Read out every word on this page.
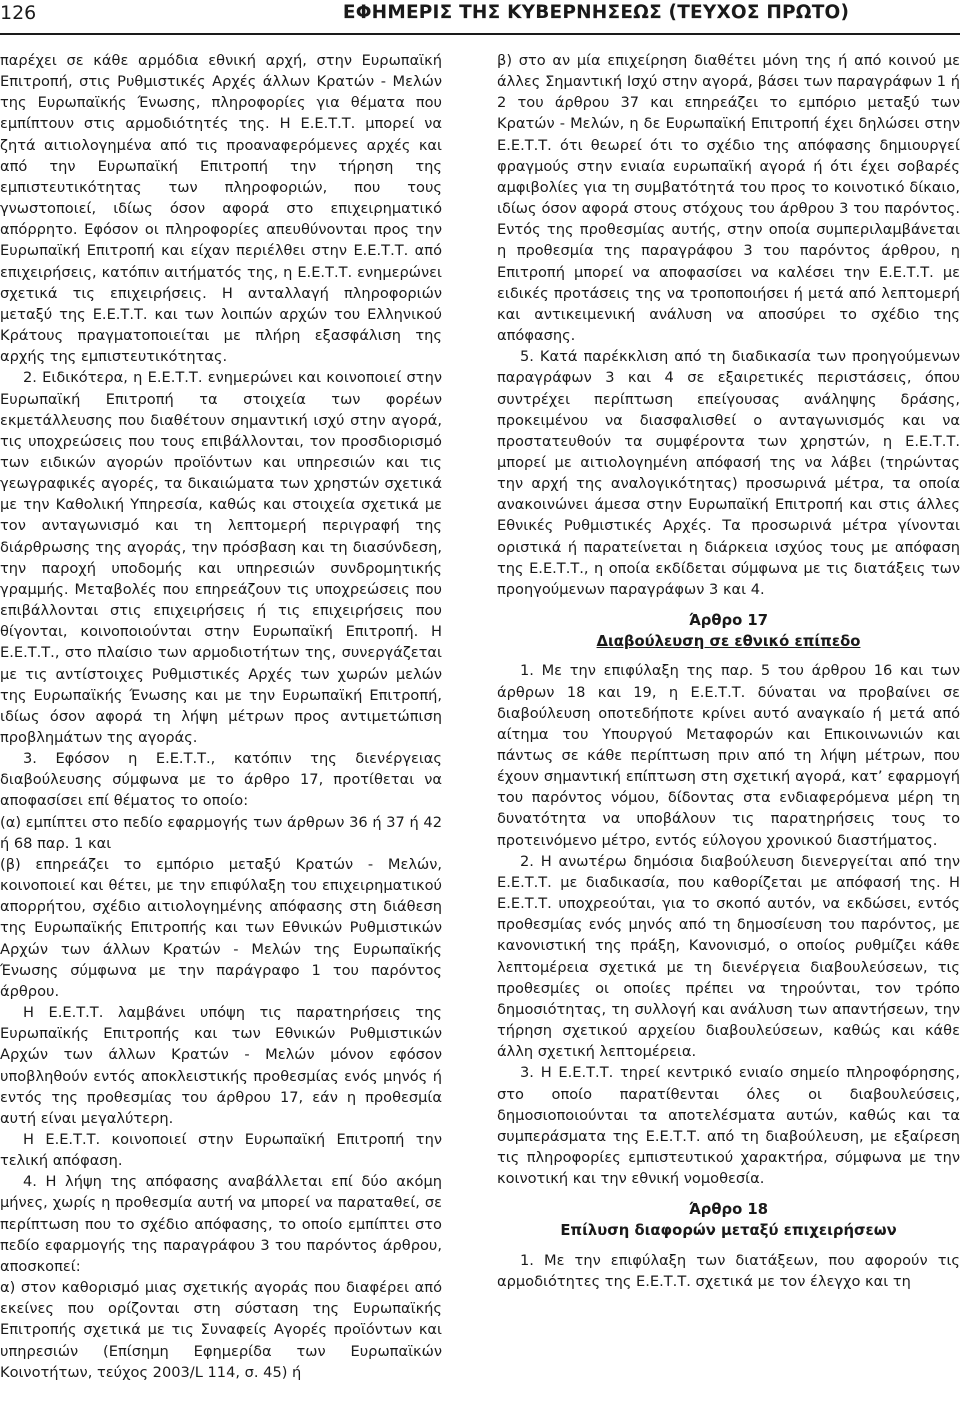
126	ΕΦΗΜΕΡΙΣ ΤΗΣ ΚΥΒΕΡΝΗΣΕΩΣ (ΤΕΥΧΟΣ ΠΡΩΤΟ)

παρέχει σε κάθε αρμόδια εθνική αρχή, στην Ευρωπαϊκή Επιτροπή, στις Ρυθμιστικές Αρχές άλλων Κρατών - Μελών της Ευρωπαϊκής Ένωσης, πληροφορίες για θέματα που εμπίπτουν στις αρμοδιότητές της. Η Ε.Ε.Τ.Τ. μπορεί να ζητά αιτιολογημένα από τις προαναφερόμενες αρχές και από την Ευρωπαϊκή Επιτροπή την τήρηση της εμπιστευτικότητας των πληροφοριών, που τους γνωστοποιεί, ιδίως όσον αφορά στο επιχειρηματικό απόρρητο. Εφόσον οι πληροφορίες απευθύνονται προς την Ευρωπαϊκή Επιτροπή και είχαν περιέλθει στην Ε.Ε.Τ.Τ. από επιχειρήσεις, κατόπιν αιτήματός της, η Ε.Ε.Τ.Τ. ενημερώνει σχετικά τις επιχειρήσεις. Η ανταλλαγή πληροφοριών μεταξύ της Ε.Ε.Τ.Τ. και των λοιπών αρχών του Ελληνικού Κράτους πραγματοποιείται με πλήρη εξασφάλιση της αρχής της εμπιστευτικότητας.

2. Ειδικότερα, η Ε.Ε.Τ.Τ. ενημερώνει και κοινοποιεί στην Ευρωπαϊκή Επιτροπή τα στοιχεία των φορέων εκμετάλλευσης που διαθέτουν σημαντική ισχύ στην αγορά, τις υποχρεώσεις που τους επιβάλλονται, τον προσδιορισμό των ειδικών αγορών προϊόντων και υπηρεσιών και τις γεωγραφικές αγορές, τα δικαιώματα των χρηστών σχετικά με την Καθολική Υπηρεσία, καθώς και στοιχεία σχετικά με τον ανταγωνισμό και τη λεπτομερή περιγραφή της διάρθρωσης της αγοράς, την πρόσβαση και τη διασύνδεση, την παροχή υποδομής και υπηρεσιών συνδρομητικής γραμμής. Μεταβολές που επηρεάζουν τις υποχρεώσεις που επιβάλλονται στις επιχειρήσεις ή τις επιχειρήσεις που θίγονται, κοινοποιούνται στην Ευρωπαϊκή Επιτροπή. Η Ε.Ε.Τ.Τ., στο πλαίσιο των αρμοδιοτήτων της, συνεργάζεται με τις αντίστοιχες Ρυθμιστικές Αρχές των χωρών μελών της Ευρωπαϊκής Ένωσης και με την Ευρωπαϊκή Επιτροπή, ιδίως όσον αφορά τη λήψη μέτρων προς αντιμετώπιση προβλημάτων της αγοράς.

3. Εφόσον η Ε.Ε.Τ.Τ., κατόπιν της διενέργειας διαβούλευσης σύμφωνα με το άρθρο 17, προτίθεται να αποφασίσει επί θέματος το οποίο:

(α) εμπίπτει στο πεδίο εφαρμογής των άρθρων 36 ή 37 ή 42 ή 68 παρ. 1 και

(β) επηρεάζει το εμπόριο μεταξύ Κρατών - Μελών, κοινοποιεί και θέτει, με την επιφύλαξη του επιχειρηματικού απορρήτου, σχέδιο αιτιολογημένης απόφασης στη διάθεση της Ευρωπαϊκής Επιτροπής και των Εθνικών Ρυθμιστικών Αρχών των άλλων Κρατών - Μελών της Ευρωπαϊκής Ένωσης σύμφωνα με την παράγραφο 1 του παρόντος άρθρου.

Η Ε.Ε.Τ.Τ. λαμβάνει υπόψη τις παρατηρήσεις της Ευρωπαϊκής Επιτροπής και των Εθνικών Ρυθμιστικών Αρχών των άλλων Κρατών - Μελών μόνον εφόσον υποβληθούν εντός αποκλειστικής προθεσμίας ενός μηνός ή εντός της προθεσμίας του άρθρου 17, εάν η προθεσμία αυτή είναι μεγαλύτερη.

Η Ε.Ε.Τ.Τ. κοινοποιεί στην Ευρωπαϊκή Επιτροπή την τελική απόφαση.

4. Η λήψη της απόφασης αναβάλλεται επί δύο ακόμη μήνες, χωρίς η προθεσμία αυτή να μπορεί να παραταθεί, σε περίπτωση που το σχέδιο απόφασης, το οποίο εμπίπτει στο πεδίο εφαρμογής της παραγράφου 3 του παρόντος άρθρου, αποσκοπεί:

α) στον καθορισμό μιας σχετικής αγοράς που διαφέρει από εκείνες που ορίζονται στη σύσταση της Ευρωπαϊκής Επιτροπής σχετικά με τις Συναφείς Αγορές προϊόντων και υπηρεσιών (Επίσημη Εφημερίδα των Ευρωπαϊκών Κοινοτήτων, τεύχος 2003/L 114, σ. 45) ή

β) στο αν μία επιχείρηση διαθέτει μόνη της ή από κοινού με άλλες Σημαντική Ισχύ στην αγορά, βάσει των παραγράφων 1 ή 2 του άρθρου 37 και επηρεάζει το εμπόριο μεταξύ των Κρατών - Μελών, η δε Ευρωπαϊκή Επιτροπή έχει δηλώσει στην Ε.Ε.Τ.Τ. ότι θεωρεί ότι το σχέδιο της απόφασης δημιουργεί φραγμούς στην ενιαία ευρωπαϊκή αγορά ή ότι έχει σοβαρές αμφιβολίες για τη συμβατότητά του προς το κοινοτικό δίκαιο, ιδίως όσον αφορά στους στόχους του άρθρου 3 του παρόντος. Εντός της προθεσμίας αυτής, στην οποία συμπεριλαμβάνεται η προθεσμία της παραγράφου 3 του παρόντος άρθρου, η Επιτροπή μπορεί να αποφασίσει να καλέσει την Ε.Ε.Τ.Τ. με ειδικές προτάσεις της να τροποποιήσει ή μετά από λεπτομερή και αντικειμενική ανάλυση να αποσύρει το σχέδιο της απόφασης.

5. Κατά παρέκκλιση από τη διαδικασία των προηγούμενων παραγράφων 3 και 4 σε εξαιρετικές περιστάσεις, όπου συντρέχει περίπτωση επείγουσας ανάληψης δράσης, προκειμένου να διασφαλισθεί ο ανταγωνισμός και να προστατευθούν τα συμφέροντα των χρηστών, η Ε.Ε.Τ.Τ. μπορεί με αιτιολογημένη απόφασή της να λάβει (τηρώντας την αρχή της αναλογικότητας) προσωρινά μέτρα, τα οποία ανακοινώνει άμεσα στην Ευρωπαϊκή Επιτροπή και στις άλλες Εθνικές Ρυθμιστικές Αρχές. Τα προσωρινά μέτρα γίνονται οριστικά ή παρατείνεται η διάρκεια ισχύος τους με απόφαση της Ε.Ε.Τ.Τ., η οποία εκδίδεται σύμφωνα με τις διατάξεις των προηγούμενων παραγράφων 3 και 4.

Άρθρο 17
Διαβούλευση σε εθνικό επίπεδο

1. Με την επιφύλαξη της παρ. 5 του άρθρου 16 και των άρθρων 18 και 19, η Ε.Ε.Τ.Τ. δύναται να προβαίνει σε διαβούλευση οποτεδήποτε κρίνει αυτό αναγκαίο ή μετά από αίτημα του Υπουργού Μεταφορών και Επικοινωνιών και πάντως σε κάθε περίπτωση πριν από τη λήψη μέτρων, που έχουν σημαντική επίπτωση στη σχετική αγορά, κατ’ εφαρμογή του παρόντος νόμου, δίδοντας στα ενδιαφερόμενα μέρη τη δυνατότητα να υποβάλουν τις παρατηρήσεις τους το προτεινόμενο μέτρο, εντός εύλογου χρονικού διαστήματος.

2. Η ανωτέρω δημόσια διαβούλευση διενεργείται από την Ε.Ε.Τ.Τ. με διαδικασία, που καθορίζεται με απόφασή της. Η Ε.Ε.Τ.Τ. υποχρεούται, για το σκοπό αυτόν, να εκδώσει, εντός προθεσμίας ενός μηνός από τη δημοσίευση του παρόντος, με κανονιστική της πράξη, Κανονισμό, ο οποίος ρυθμίζει κάθε λεπτομέρεια σχετικά με τη διενέργεια διαβουλεύσεων, τις προθεσμίες οι οποίες πρέπει να τηρούνται, τον τρόπο δημοσιότητας, τη συλλογή και ανάλυση των απαντήσεων, την τήρηση σχετικού αρχείου διαβουλεύσεων, καθώς και κάθε άλλη σχετική λεπτομέρεια.

3. Η Ε.Ε.Τ.Τ. τηρεί κεντρικό ενιαίο σημείο πληροφόρησης, στο οποίο παρατίθενται όλες οι διαβουλεύσεις, δημοσιοποιούνται τα αποτελέσματα αυτών, καθώς και τα συμπεράσματα της Ε.Ε.Τ.Τ. από τη διαβούλευση, με εξαίρεση τις πληροφορίες εμπιστευτικού χαρακτήρα, σύμφωνα με την κοινοτική και την εθνική νομοθεσία.

Άρθρο 18
Επίλυση διαφορών μεταξύ επιχειρήσεων

1. Με την επιφύλαξη των διατάξεων, που αφορούν τις αρμοδιότητες της Ε.Ε.Τ.Τ. σχετικά με τον έλεγχο και τη
